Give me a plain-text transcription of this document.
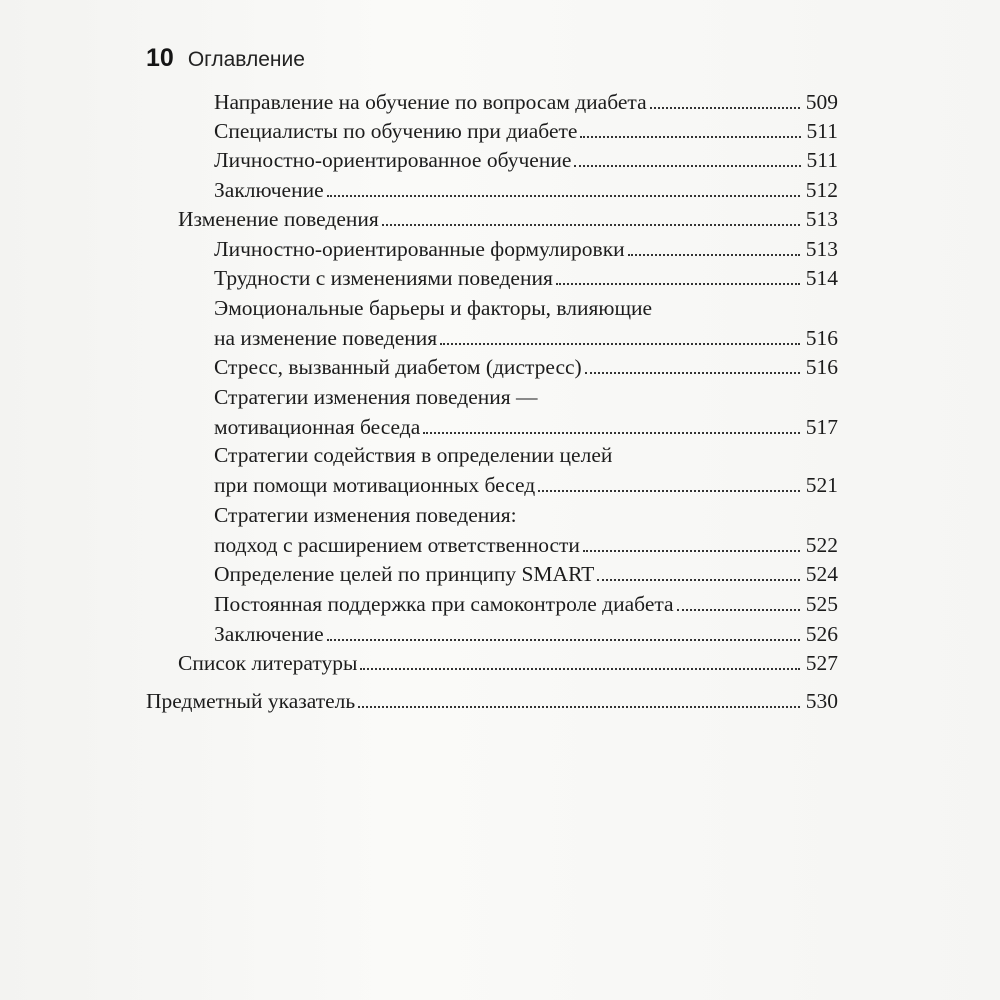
10 Оглавление
Направление на обучение по вопросам диабета	509
Специалисты по обучению при диабете	511
Личностно-ориентированное обучение	511
Заключение	512
Изменение поведения	513
Личностно-ориентированные формулировки	513
Трудности с изменениями поведения	514
Эмоциональные барьеры и факторы, влияющие
на изменение поведения	516
Стресс, вызванный диабетом (дистресс)	516
Стратегии изменения поведения —
мотивационная беседа	517
Стратегии содействия в определении целей
при помощи мотивационных бесед	521
Стратегии изменения поведения:
подход с расширением ответственности	522
Определение целей по принципу SMART	524
Постоянная поддержка при самоконтроле диабета	525
Заключение	526
Список литературы	527
Предметный указатель	530
